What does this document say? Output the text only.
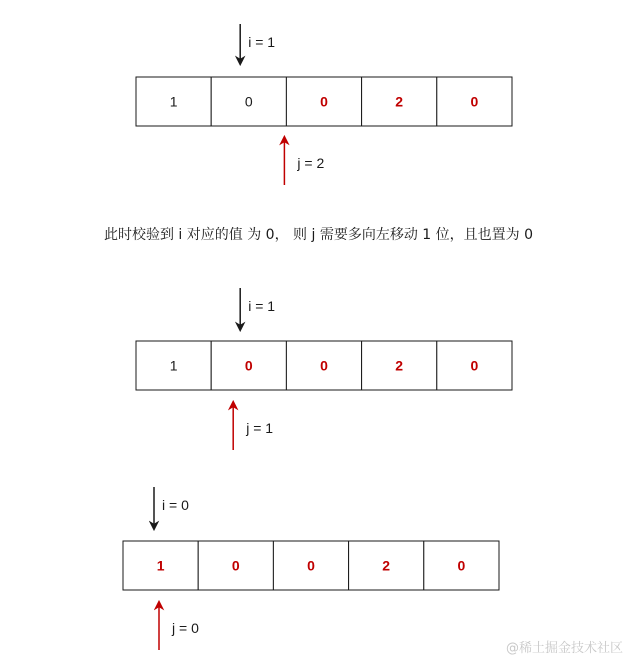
1	0	0	2	0
i = 1
j = 2
1	0	0	2	0
i = 1
j = 1
1	0	0	2	0
i = 0
j = 0
此时校验到 i 对应的值 为 0， 则 j 需要多向左移动 1 位，且也置为 0
@稀土掘金技术社区
